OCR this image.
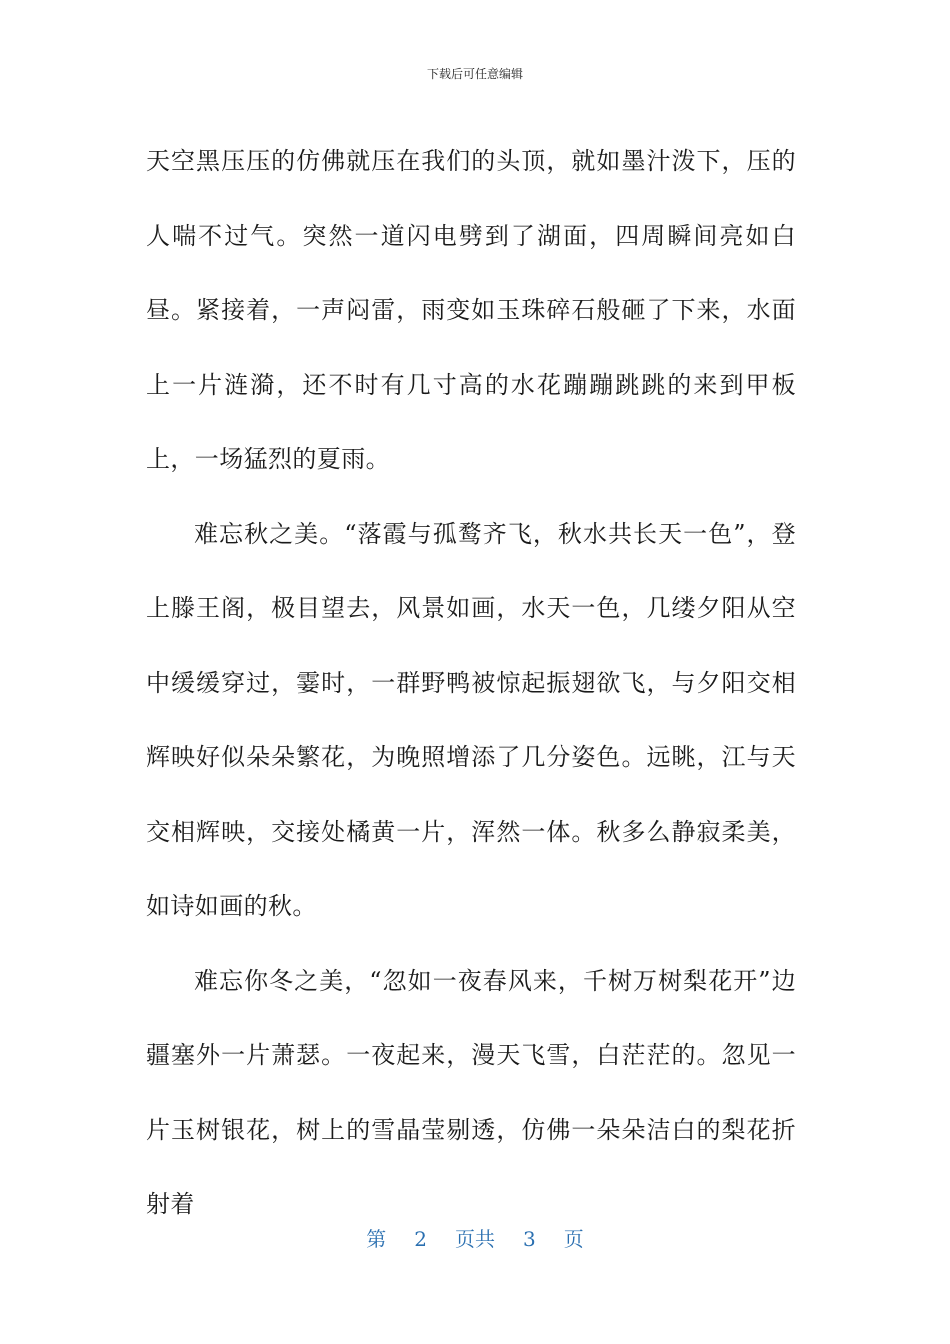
下载后可任意编辑

天空黑压压的仿佛就压在我们的头顶，就如墨汁泼下，压的人喘不过气。突然一道闪电劈到了湖面，四周瞬间亮如白昼。紧接着，一声闷雷，雨变如玉珠碎石般砸了下来，水面上一片涟漪，还不时有几寸高的水花蹦蹦跳跳的来到甲板上，一场猛烈的夏雨。

难忘秋之美。“落霞与孤鹜齐飞，秋水共长天一色”，登上滕王阁，极目望去，风景如画，水天一色，几缕夕阳从空中缓缓穿过，霎时，一群野鸭被惊起振翅欲飞，与夕阳交相辉映好似朵朵繁花，为晚照增添了几分姿色。远眺，江与天交相辉映，交接处橘黄一片，浑然一体。秋多么静寂柔美，如诗如画的秋。

难忘你冬之美，“忽如一夜春风来，千树万树梨花开”边疆塞外一片萧瑟。一夜起来，漫天飞雪，白茫茫的。忽见一片玉树银花，树上的雪晶莹剔透，仿佛一朵朵洁白的梨花折射着

第 2 页共 3 页
